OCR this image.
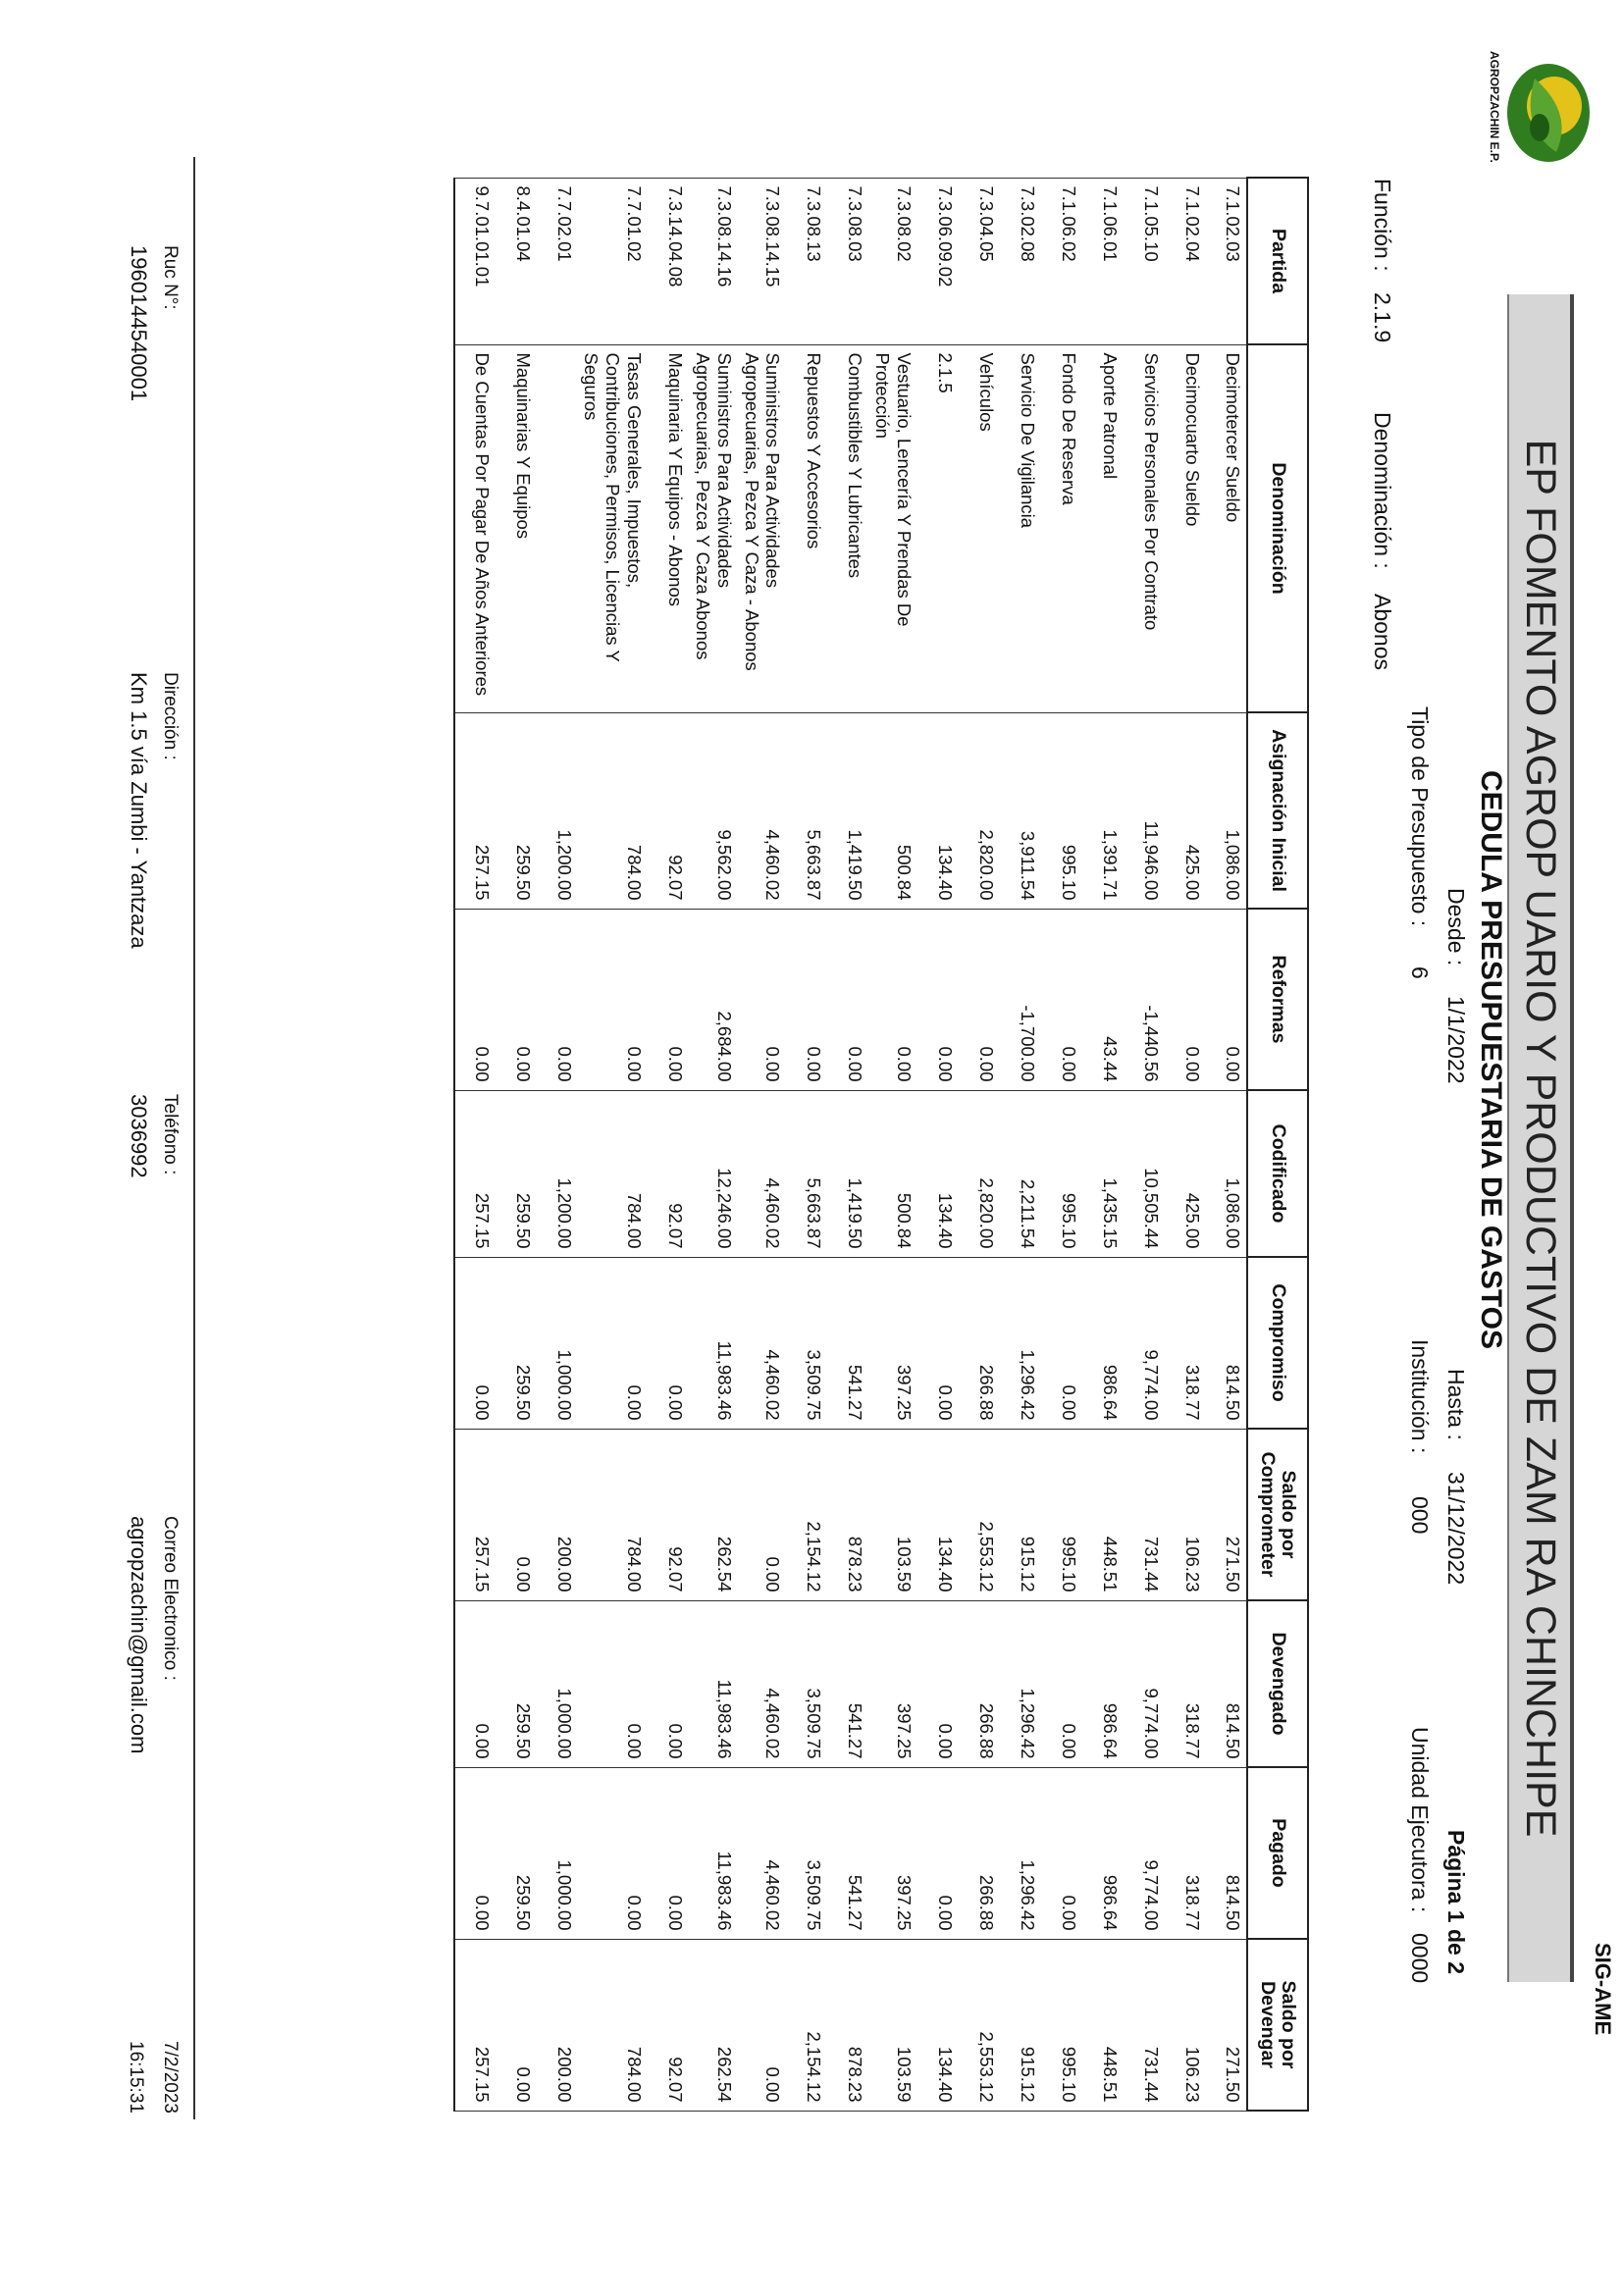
AGROPZACHIN E.P.
EP FOMENTO AGROP UARIO Y PRODUCTIVO DE ZAM RA CHINCHIPE
SIG-AME
CEDULA PRESUPUESTARIA DE GASTOS
Desde :
1/1/2022
Hasta :
31/12/2022
Página 1 de 2
Tipo de Presupuesto :
6
Institución :
000
Unidad Ejecutora :
0000
Función :
2.1.9
Denominación :
Abonos
Partida	Denominación	Asignación Inicial	Reformas	Codificado	Compromiso	Saldo por Comprometer	Devengado	Pagado	Saldo por Devengar
7.1.02.03	Decimotercer Sueldo	1,086.00	0.00	1,086.00	814.50	271.50	814.50	814.50	271.50
7.1.02.04	Decimocuarto Sueldo	425.00	0.00	425.00	318.77	106.23	318.77	318.77	106.23
7.1.05.10	Servicios Personales Por Contrato	11,946.00	-1,440.56	10,505.44	9,774.00	731.44	9,774.00	9,774.00	731.44
7.1.06.01	Aporte Patronal	1,391.71	43.44	1,435.15	986.64	448.51	986.64	986.64	448.51
7.1.06.02	Fondo De Reserva	995.10	0.00	995.10	0.00	995.10	0.00	0.00	995.10
7.3.02.08	Servicio De Vigilancia	3,911.54	-1,700.00	2,211.54	1,296.42	915.12	1,296.42	1,296.42	915.12
7.3.04.05	Vehículos	2,820.00	0.00	2,820.00	266.88	2,553.12	266.88	266.88	2,553.12
7.3.06.09.02	2.1.5	134.40	0.00	134.40	0.00	134.40	0.00	0.00	134.40
7.3.08.02	Vestuario, Lencería Y Prendas De Protección	500.84	0.00	500.84	397.25	103.59	397.25	397.25	103.59
7.3.08.03	Combustibles Y Lubricantes	1,419.50	0.00	1,419.50	541.27	878.23	541.27	541.27	878.23
7.3.08.13	Repuestos Y Accesorios	5,663.87	0.00	5,663.87	3,509.75	2,154.12	3,509.75	3,509.75	2,154.12
7.3.08.14.15	Suministros Para Actividades Agropecuarias, Pezca Y Caza - Abonos	4,460.02	0.00	4,460.02	4,460.02	0.00	4,460.02	4,460.02	0.00
7.3.08.14.16	Suministros Para Actividades Agropecuarias, Pezca Y Caza Abonos	9,562.00	2,684.00	12,246.00	11,983.46	262.54	11,983.46	11,983.46	262.54
7.3.14.04.08	Maquinaria Y Equipos - Abonos	92.07	0.00	92.07	0.00	92.07	0.00	0.00	92.07
7.7.01.02	Tasas Generales, Impuestos, Contribuciones, Permisos, Licencias Y Seguros	784.00	0.00	784.00	0.00	784.00	0.00	0.00	784.00
7.7.02.01		1,200.00	0.00	1,200.00	1,000.00	200.00	1,000.00	1,000.00	200.00
8.4.01.04	Maquinarias Y Equipos	259.50	0.00	259.50	259.50	0.00	259.50	259.50	0.00
9.7.01.01.01	De Cuentas Por Pagar De Años Anteriores	257.15	0.00	257.15	0.00	257.15	0.00	0.00	257.15
Ruc N°:
1960144540001
Dirección :
Km 1.5 vía Zumbi - Yantzaza
Teléfono :
3036992
Correo Electronico :
agropzachin@gmail.com
7/2/2023
16:15:31
